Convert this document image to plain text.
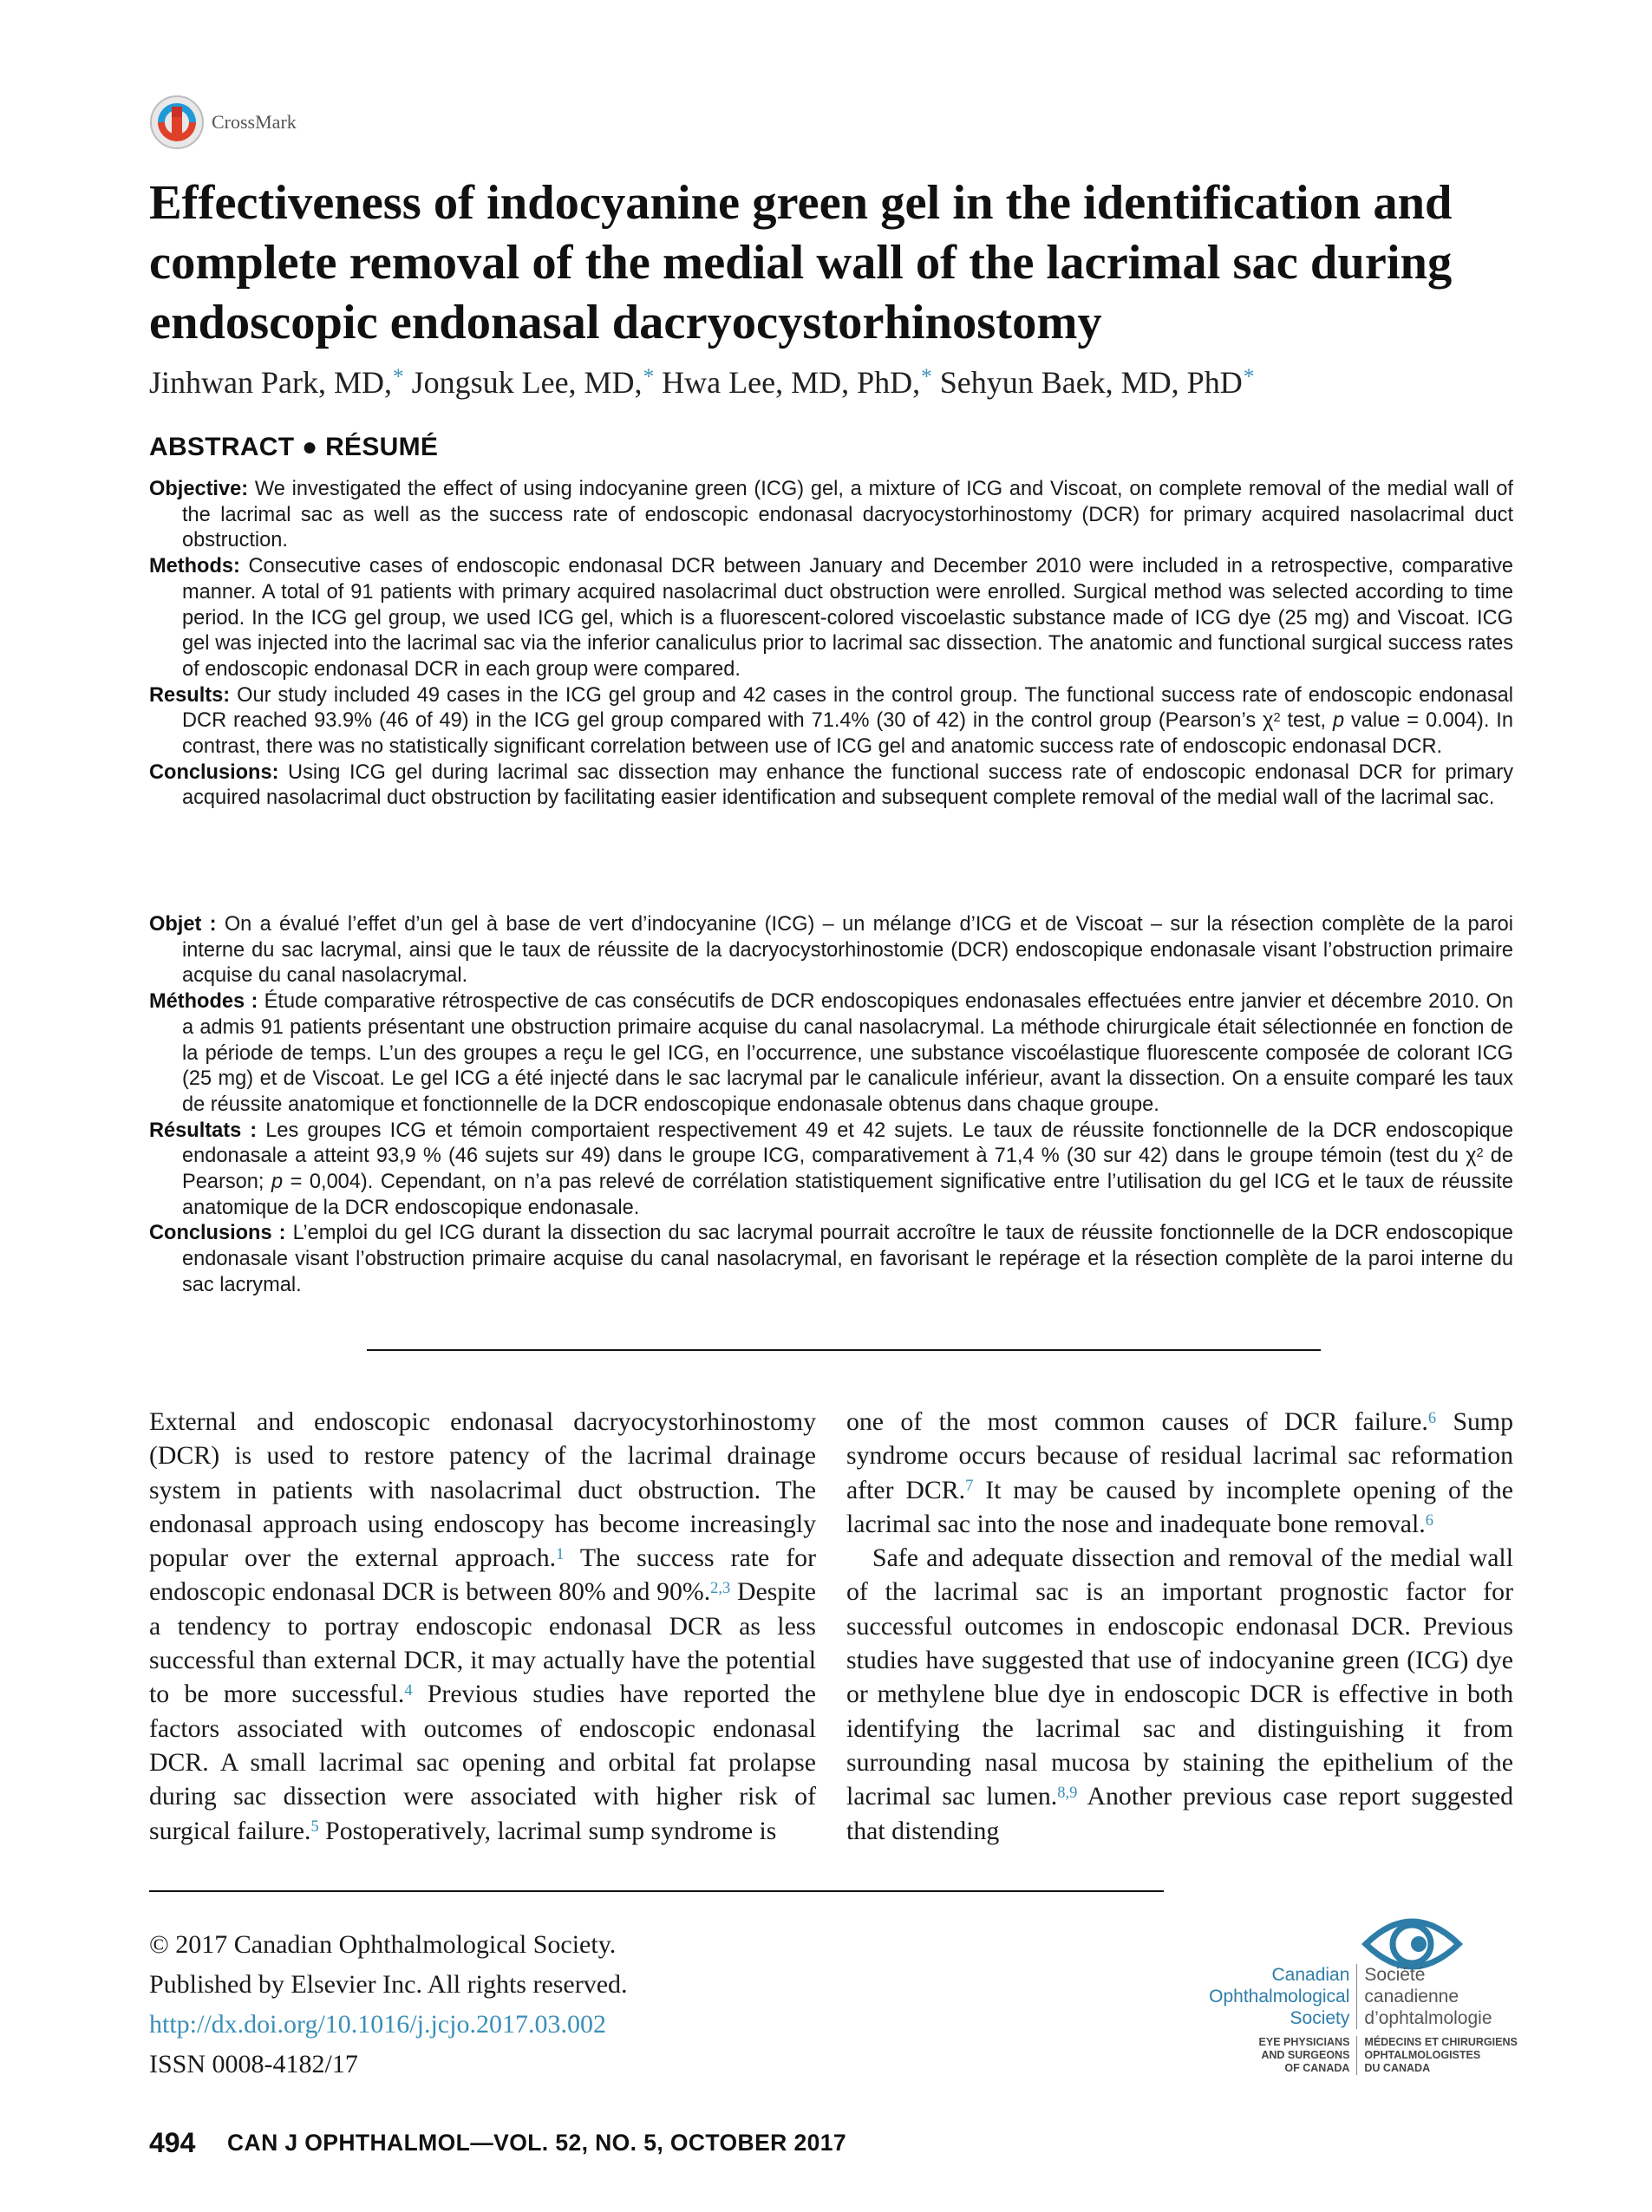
CrossMark
Effectiveness of indocyanine green gel in the identification and complete removal of the medial wall of the lacrimal sac during endoscopic endonasal dacryocystorhinostomy
Jinhwan Park, MD,* Jongsuk Lee, MD,* Hwa Lee, MD, PhD,* Sehyun Baek, MD, PhD*
ABSTRACT ● RÉSUMÉ

Objective: We investigated the effect of using indocyanine green (ICG) gel, a mixture of ICG and Viscoat, on complete removal of the medial wall of the lacrimal sac as well as the success rate of endoscopic endonasal dacryocystorhinostomy (DCR) for primary acquired nasolacrimal duct obstruction.

Methods: Consecutive cases of endoscopic endonasal DCR between January and December 2010 were included in a retrospective, comparative manner. A total of 91 patients with primary acquired nasolacrimal duct obstruction were enrolled. Surgical method was selected according to time period. In the ICG gel group, we used ICG gel, which is a fluorescent-colored viscoelastic substance made of ICG dye (25 mg) and Viscoat. ICG gel was injected into the lacrimal sac via the inferior canaliculus prior to lacrimal sac dissection. The anatomic and functional surgical success rates of endoscopic endonasal DCR in each group were compared.

Results: Our study included 49 cases in the ICG gel group and 42 cases in the control group. The functional success rate of endoscopic endonasal DCR reached 93.9% (46 of 49) in the ICG gel group compared with 71.4% (30 of 42) in the control group (Pearson’s $\chi^2$ test, p value = 0.004). In contrast, there was no statistically significant correlation between use of ICG gel and anatomic success rate of endoscopic endonasal DCR.

Conclusions: Using ICG gel during lacrimal sac dissection may enhance the functional success rate of endoscopic endonasal DCR for primary acquired nasolacrimal duct obstruction by facilitating easier identification and subsequent complete removal of the medial wall of the lacrimal sac.

Objet : On a évalué l’effet d’un gel à base de vert d’indocyanine (ICG) – un mélange d’ICG et de Viscoat – sur la résection complète de la paroi interne du sac lacrymal, ainsi que le taux de réussite de la dacryocystorhinostomie (DCR) endoscopique endonasale visant l’obstruction primaire acquise du canal nasolacrymal.

Méthodes : Étude comparative rétrospective de cas consécutifs de DCR endoscopiques endonasales effectuées entre janvier et décembre 2010. On a admis 91 patients présentant une obstruction primaire acquise du canal nasolacrymal. La méthode chirurgicale était sélectionnée en fonction de la période de temps. L’un des groupes a reçu le gel ICG, en l’occurrence, une substance viscoélastique fluorescente composée de colorant ICG (25 mg) et de Viscoat. Le gel ICG a été injecté dans le sac lacrymal par le canalicule inférieur, avant la dissection. On a ensuite comparé les taux de réussite anatomique et fonctionnelle de la DCR endoscopique endonasale obtenus dans chaque groupe.

Résultats : Les groupes ICG et témoin comportaient respectivement 49 et 42 sujets. Le taux de réussite fonctionnelle de la DCR endoscopique endonasale a atteint 93,9 % (46 sujets sur 49) dans le groupe ICG, comparativement à 71,4 % (30 sur 42) dans le groupe témoin (test du $\chi^2$ de Pearson; p = 0,004). Cependant, on n’a pas relevé de corrélation statistiquement significative entre l’utilisation du gel ICG et le taux de réussite anatomique de la DCR endoscopique endonasale.

Conclusions : L’emploi du gel ICG durant la dissection du sac lacrymal pourrait accroître le taux de réussite fonctionnelle de la DCR endoscopique endonasale visant l’obstruction primaire acquise du canal nasolacrymal, en favorisant le repérage et la résection complète de la paroi interne du sac lacrymal.

External and endoscopic endonasal dacryocystorhinostomy (DCR) is used to restore patency of the lacrimal drainage system in patients with nasolacrimal duct obstruction. The endonasal approach using endoscopy has become increasingly popular over the external approach.$^1$ The success rate for endoscopic endonasal DCR is between 80% and 90%.$^{2,3}$ Despite a tendency to portray endoscopic endonasal DCR as less successful than external DCR, it may actually have the potential to be more successful.$^4$ Previous studies have reported the factors associated with outcomes of endoscopic endonasal DCR. A small lacrimal sac opening and orbital fat prolapse during sac dissection were associated with higher risk of surgical failure.$^5$ Postoperatively, lacrimal sump syndrome is

one of the most common causes of DCR failure.$^6$ Sump syndrome occurs because of residual lacrimal sac reformation after DCR.$^7$ It may be caused by incomplete opening of the lacrimal sac into the nose and inadequate bone removal.$^6$

Safe and adequate dissection and removal of the medial wall of the lacrimal sac is an important prognostic factor for successful outcomes in endoscopic endonasal DCR. Previous studies have suggested that use of indocyanine green (ICG) dye or methylene blue dye in endoscopic DCR is effective in both identifying the lacrimal sac and distinguishing it from surrounding nasal mucosa by staining the epithelium of the lacrimal sac lumen.$^{8,9}$ Another previous case report suggested that distending

© 2017 Canadian Ophthalmological Society.
Published by Elsevier Inc. All rights reserved.
http://dx.doi.org/10.1016/j.jcjo.2017.03.002
ISSN 0008-4182/17
Canadian
Ophthalmological
Society
Société
canadienne
d’ophtalmologie
EYE PHYSICIANS
AND SURGEONS
OF CANADA
MÉDECINS ET CHIRURGIENS
OPHTALMOLOGISTES
DU CANADA
494 CAN J OPHTHALMOL—VOL. 52, NO. 5, OCTOBER 2017
